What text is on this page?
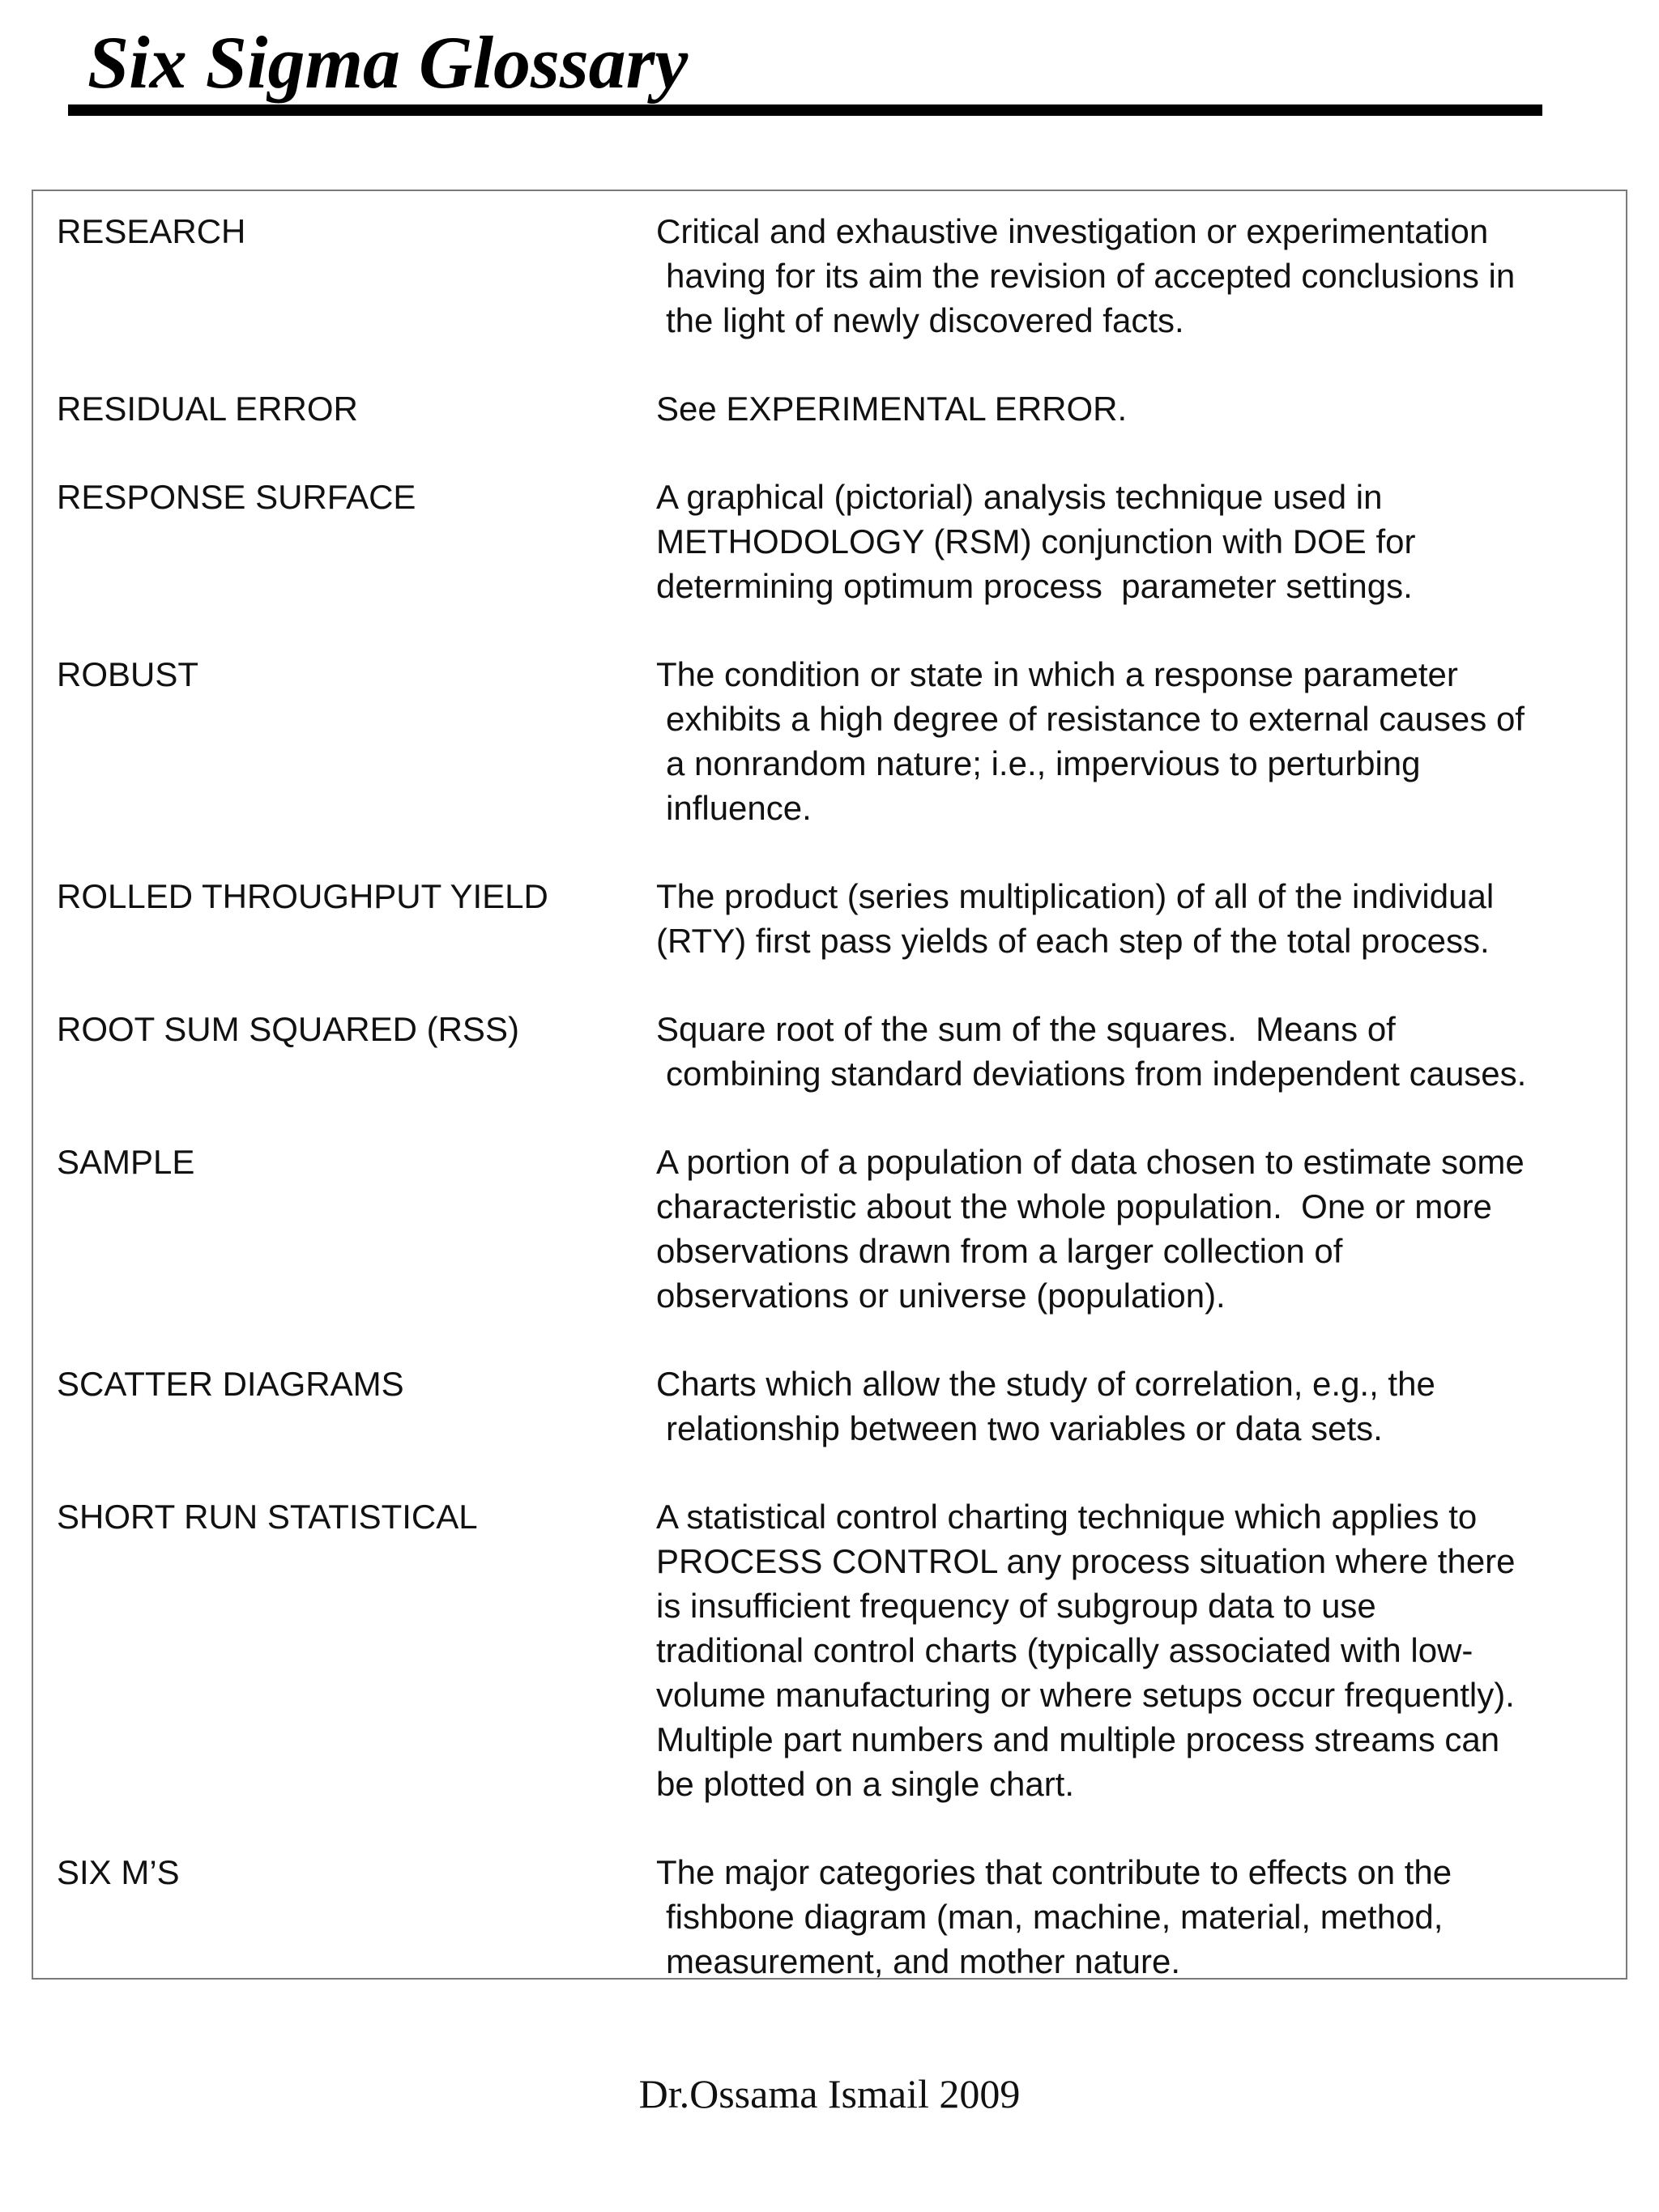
Six Sigma Glossary
RESEARCH	Critical and exhaustive investigation or experimentation
having for its aim the revision of accepted conclusions in
the light of newly discovered facts.
RESIDUAL ERROR	See EXPERIMENTAL ERROR.
RESPONSE SURFACE	A graphical (pictorial) analysis technique used in
METHODOLOGY (RSM) conjunction with DOE for
determining optimum process  parameter settings.
ROBUST	The condition or state in which a response parameter
exhibits a high degree of resistance to external causes of
a nonrandom nature; i.e., impervious to perturbing
influence.
ROLLED THROUGHPUT YIELD	The product (series multiplication) of all of the individual
(RTY) first pass yields of each step of the total process.
ROOT SUM SQUARED (RSS)	Square root of the sum of the squares.  Means of
combining standard deviations from independent causes.
SAMPLE	A portion of a population of data chosen to estimate some
characteristic about the whole population.  One or more
observations drawn from a larger collection of
observations or universe (population).
SCATTER DIAGRAMS	Charts which allow the study of correlation, e.g., the
relationship between two variables or data sets.
SHORT RUN STATISTICAL	A statistical control charting technique which applies to
PROCESS CONTROL any process situation where there
is insufficient frequency of subgroup data to use
traditional control charts (typically associated with low-
volume manufacturing or where setups occur frequently).
Multiple part numbers and multiple process streams can
be plotted on a single chart.
SIX M’S	The major categories that contribute to effects on the
fishbone diagram (man, machine, material, method,
measurement, and mother nature.
Dr.Ossama Ismail 2009
